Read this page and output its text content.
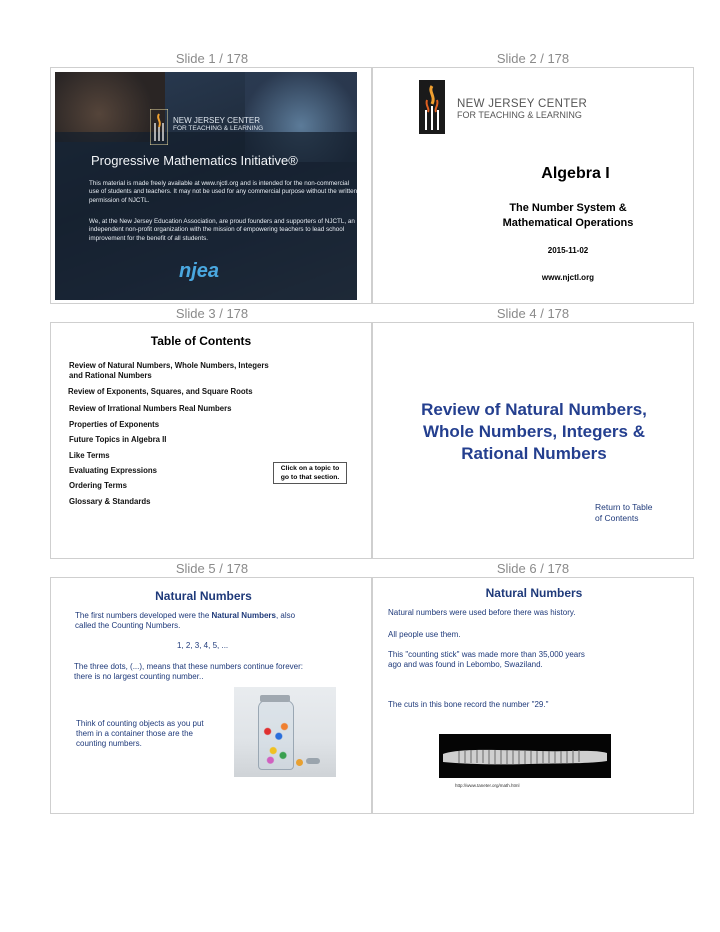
Slide 1 / 178	Slide 2 / 178
Slide 3 / 178	Slide 4 / 178
Slide 5 / 178	Slide 6 / 178
NEW JERSEY CENTER
FOR TEACHING & LEARNING
Progressive Mathematics Initiative®
This material is made freely available at www.njctl.org and is intended for the non-commercial use of students and teachers. It may not be used for any commercial purpose without the written permission of NJCTL.
We, at the New Jersey Education Association, are proud founders and supporters of NJCTL, an independent non-profit organization with the mission of empowering teachers to lead school improvement for the benefit of all students.
njea
NEW JERSEY CENTER
FOR TEACHING & LEARNING
Algebra I
The Number System &
Mathematical Operations
2015-11-02
www.njctl.org
Table of Contents
Review of Natural Numbers, Whole Numbers, Integers
and Rational Numbers
Review of Exponents, Squares, and Square Roots
Review of Irrational Numbers Real Numbers
Properties of Exponents
Future Topics in Algebra II
Like Terms
Evaluating Expressions
Ordering Terms
Glossary & Standards
Click on a topic to
go to that section.
Review of Natural Numbers,
Whole Numbers, Integers &
Rational Numbers
Return to Table
of Contents
Natural Numbers
The first numbers developed were the Natural Numbers, also
called the Counting Numbers.
1, 2, 3, 4, 5, ...
The three dots, (...), means that these numbers continue forever:
there is no largest counting number..
Think of counting objects as you put
them in a container those are the
counting numbers.
Natural Numbers
Natural numbers were used before there was history.
All people use them.
This "counting stick" was made more than 35,000 years
ago and was found in Lebombo, Swaziland.
The cuts in this bone record the number "29."
http://www.taneter.org/math.html
